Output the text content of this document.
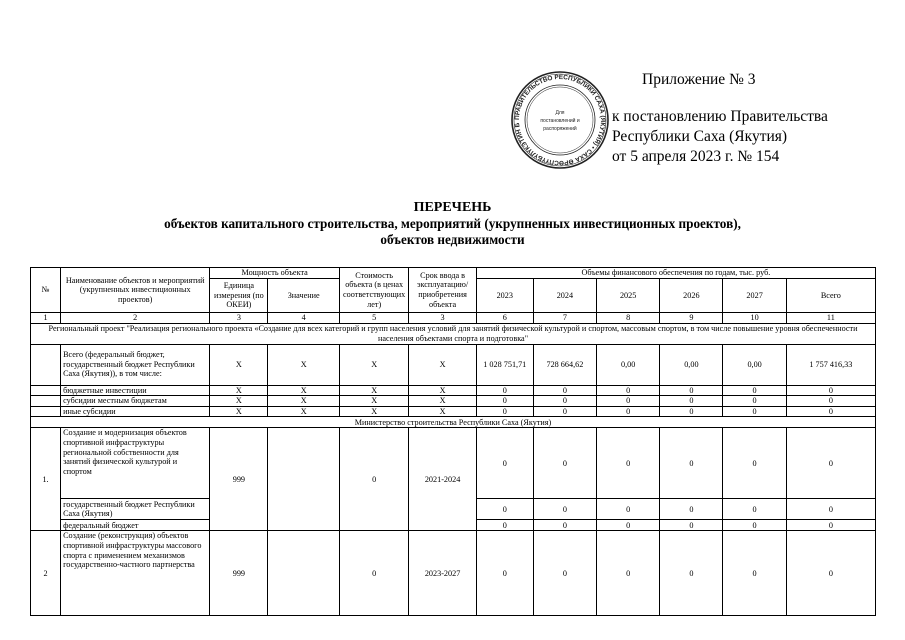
ПРАВИТЕЛЬСТВО РЕСПУБЛИКИ САХА (ЯКУТИЯ) • САХА ӨРӨСПҮҮБҮЛҮКЭТИН Б
Для
постановлений и
распоряжений
Приложение № 3
к постановлению Правительства
Республики Саха (Якутия)
от 5 апреля 2023 г. № 154
ПЕРЕЧЕНЬ
объектов капитального строительства, мероприятий (укрупненных инвестиционных проектов),
объектов недвижимости
№	Наименование объектов и мероприятий (укрупненных инвестиционных проектов)	Мощность объекта		Стоимость объекта (в ценах соответствующих лет)	Срок ввода в эксплуатацию/ приобретения объекта	Объемы финансового обеспечения по годам, тыс. руб.					
		Единица измерения (по ОКЕИ)	Значение			2023	2024	2025	2026	2027	Всего
1	2	3	4	5	3	6	7	8	9	10	11
Региональный проект "Реализация регионального проекта «Создание для всех категорий и групп населения условий для занятий физической культурой и спортом, массовым спортом, в том числе повышение уровня обеспеченности населения объектами спорта и подготовка"											
	Всего (федеральный бюджет, государственный бюджет Республики Саха (Якутия)), в том числе:	X	X	X	X	1 028 751,71	728 664,62	0,00	0,00	0,00	1 757 416,33
	бюджетные инвестиции	X	X	X	X	0	0	0	0	0	0
	субсидии местным бюджетам	X	X	X	X	0	0	0	0	0	0
	иные субсидии	X	X	X	X	0	0	0	0	0	0
Министерство строительства Республики Саха (Якутия)											
1.	Создание и модернизация объектов спортивной инфраструктуры региональной собственности для занятий физической культурой и спортом	999		0	2021-2024	0	0	0	0	0	0
	государственный бюджет Республики Саха (Якутия)					0	0	0	0	0	0
	федеральный бюджет					0	0	0	0	0	0
2	Создание (реконструкция) объектов спортивной инфраструктуры массового спорта с применением механизмов государственно-частного партнерства	999		0	2023-2027	0	0	0	0	0	0
